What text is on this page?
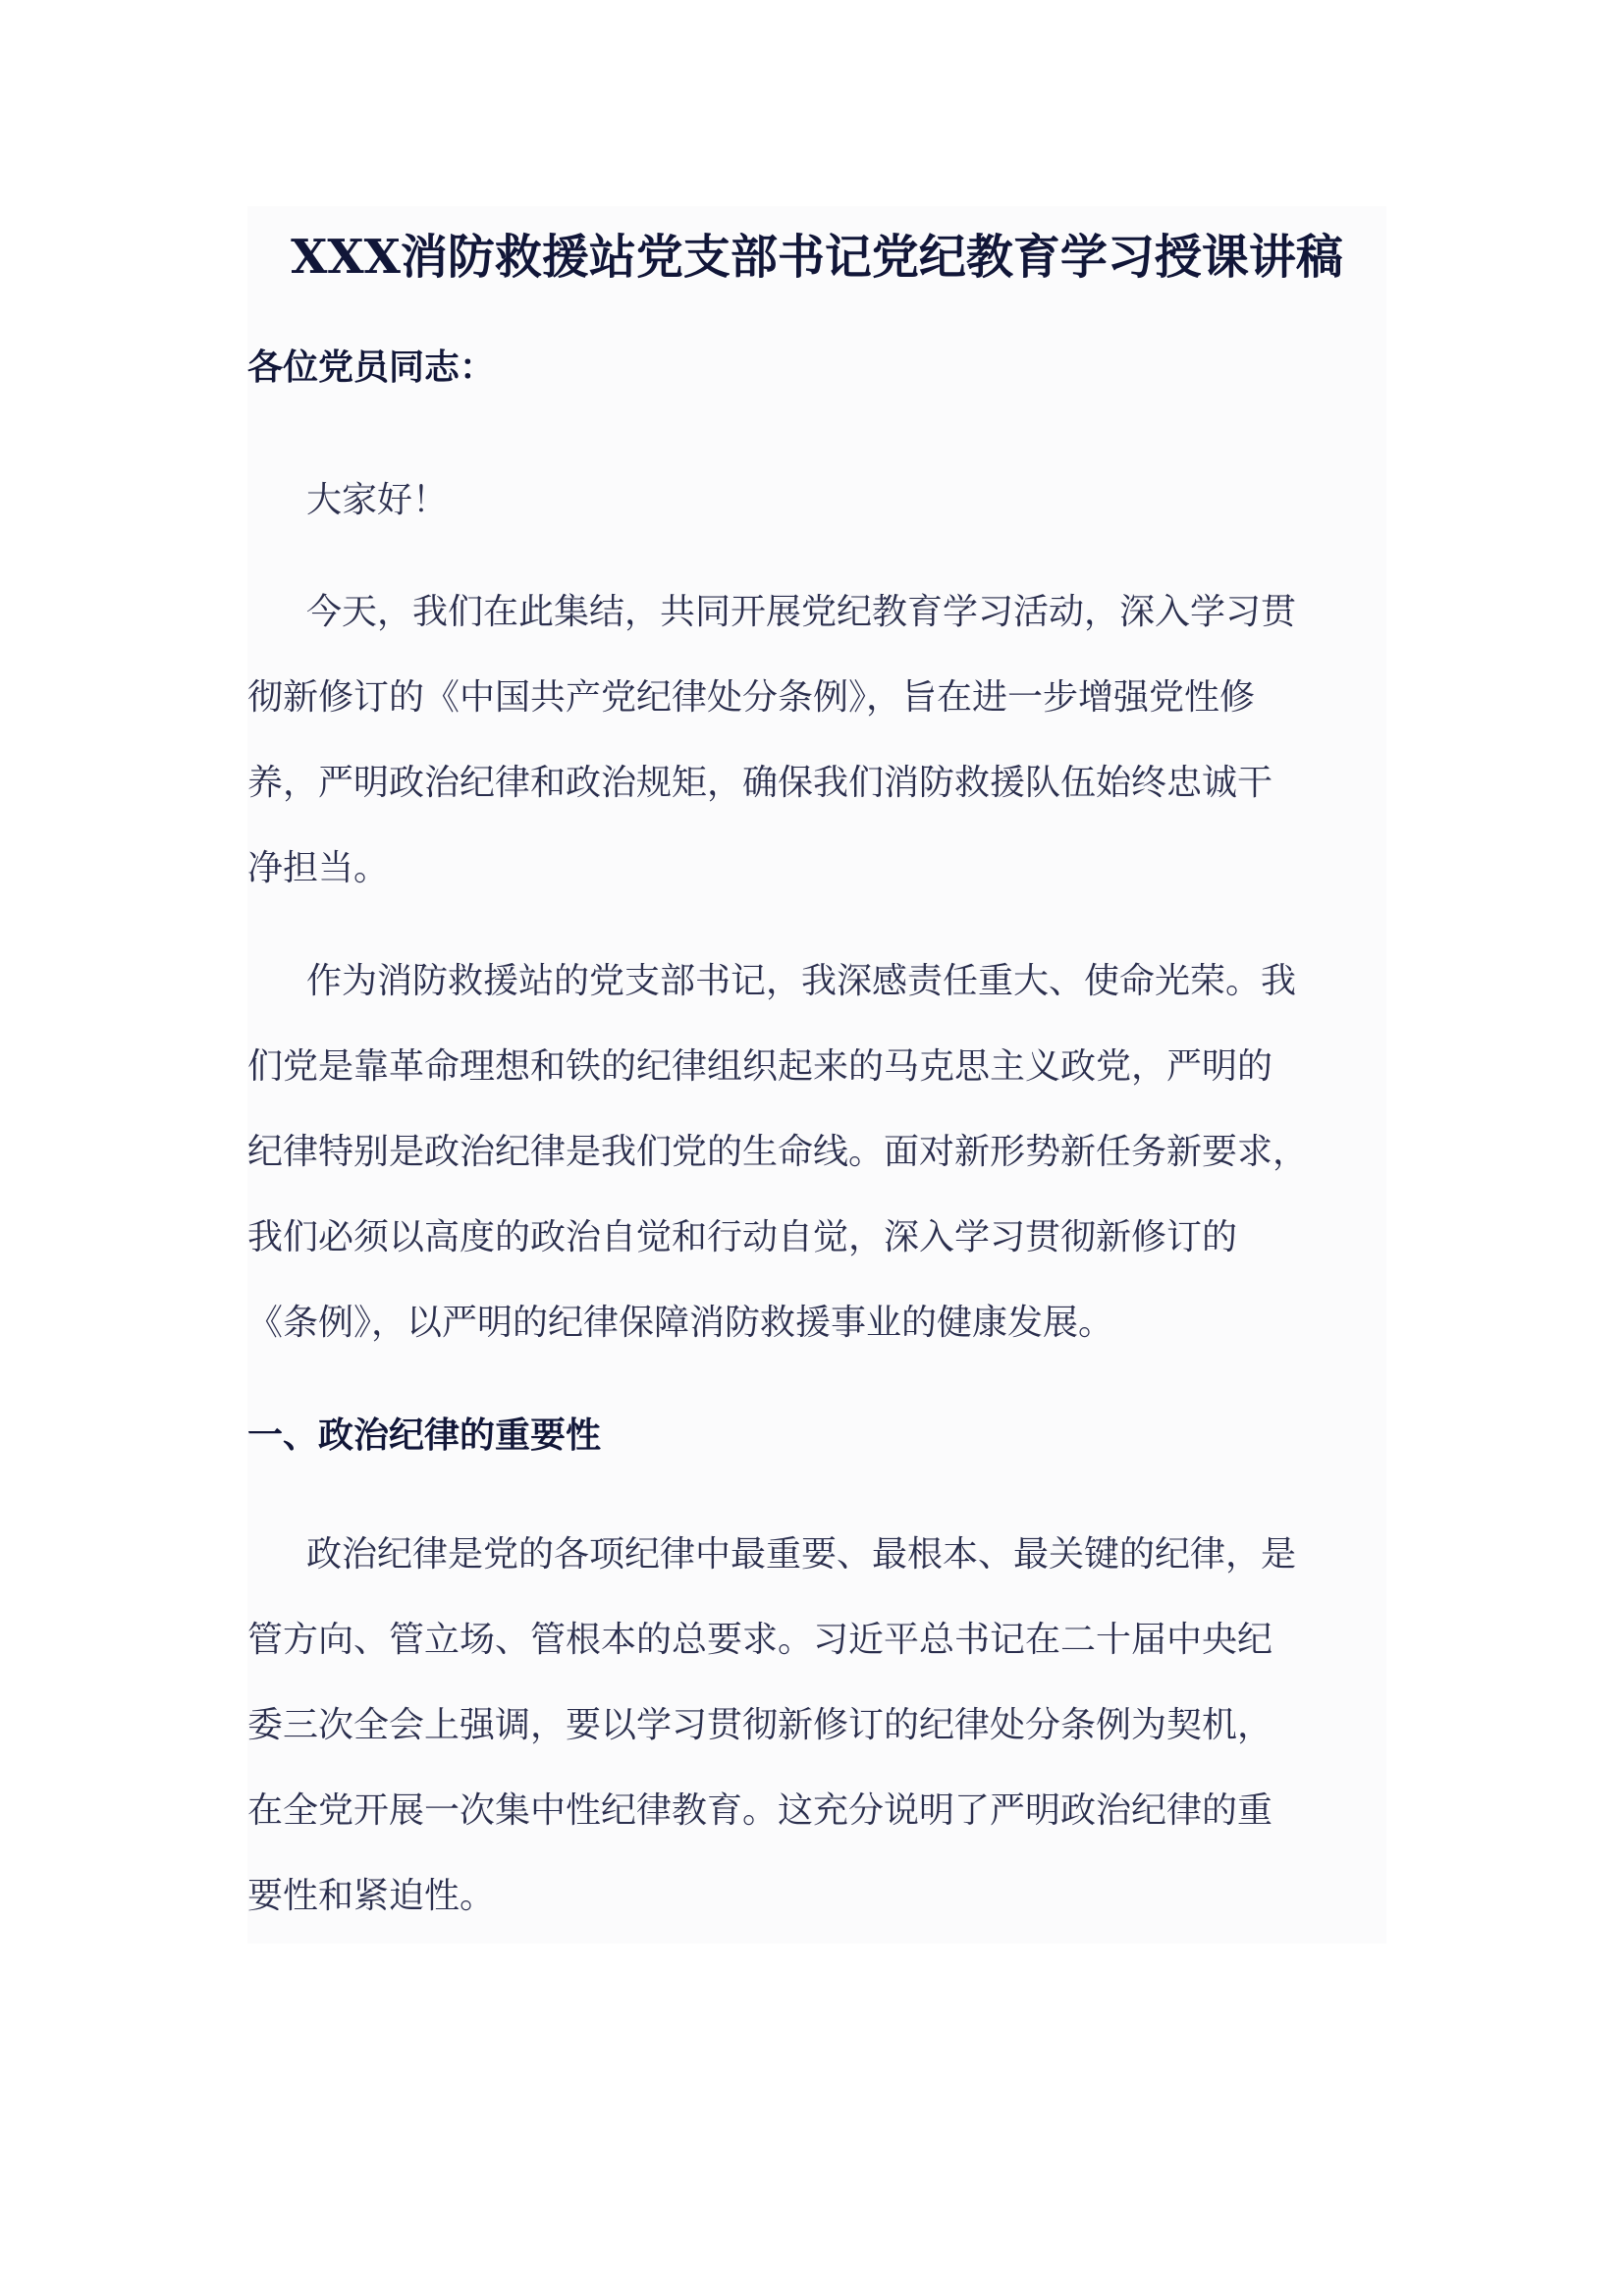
XXX消防救援站党支部书记党纪教育学习授课讲稿
各位党员同志：
大家好！
今天，我们在此集结，共同开展党纪教育学习活动，深入学习贯
彻新修订的《中国共产党纪律处分条例》，旨在进一步增强党性修
养，严明政治纪律和政治规矩，确保我们消防救援队伍始终忠诚干
净担当。
作为消防救援站的党支部书记，我深感责任重大、使命光荣。我
们党是靠革命理想和铁的纪律组织起来的马克思主义政党，严明的
纪律特别是政治纪律是我们党的生命线。面对新形势新任务新要求，
我们必须以高度的政治自觉和行动自觉，深入学习贯彻新修订的
《条例》，以严明的纪律保障消防救援事业的健康发展。
一、政治纪律的重要性
政治纪律是党的各项纪律中最重要、最根本、最关键的纪律，是
管方向、管立场、管根本的总要求。习近平总书记在二十届中央纪
委三次全会上强调，要以学习贯彻新修订的纪律处分条例为契机，
在全党开展一次集中性纪律教育。这充分说明了严明政治纪律的重
要性和紧迫性。
